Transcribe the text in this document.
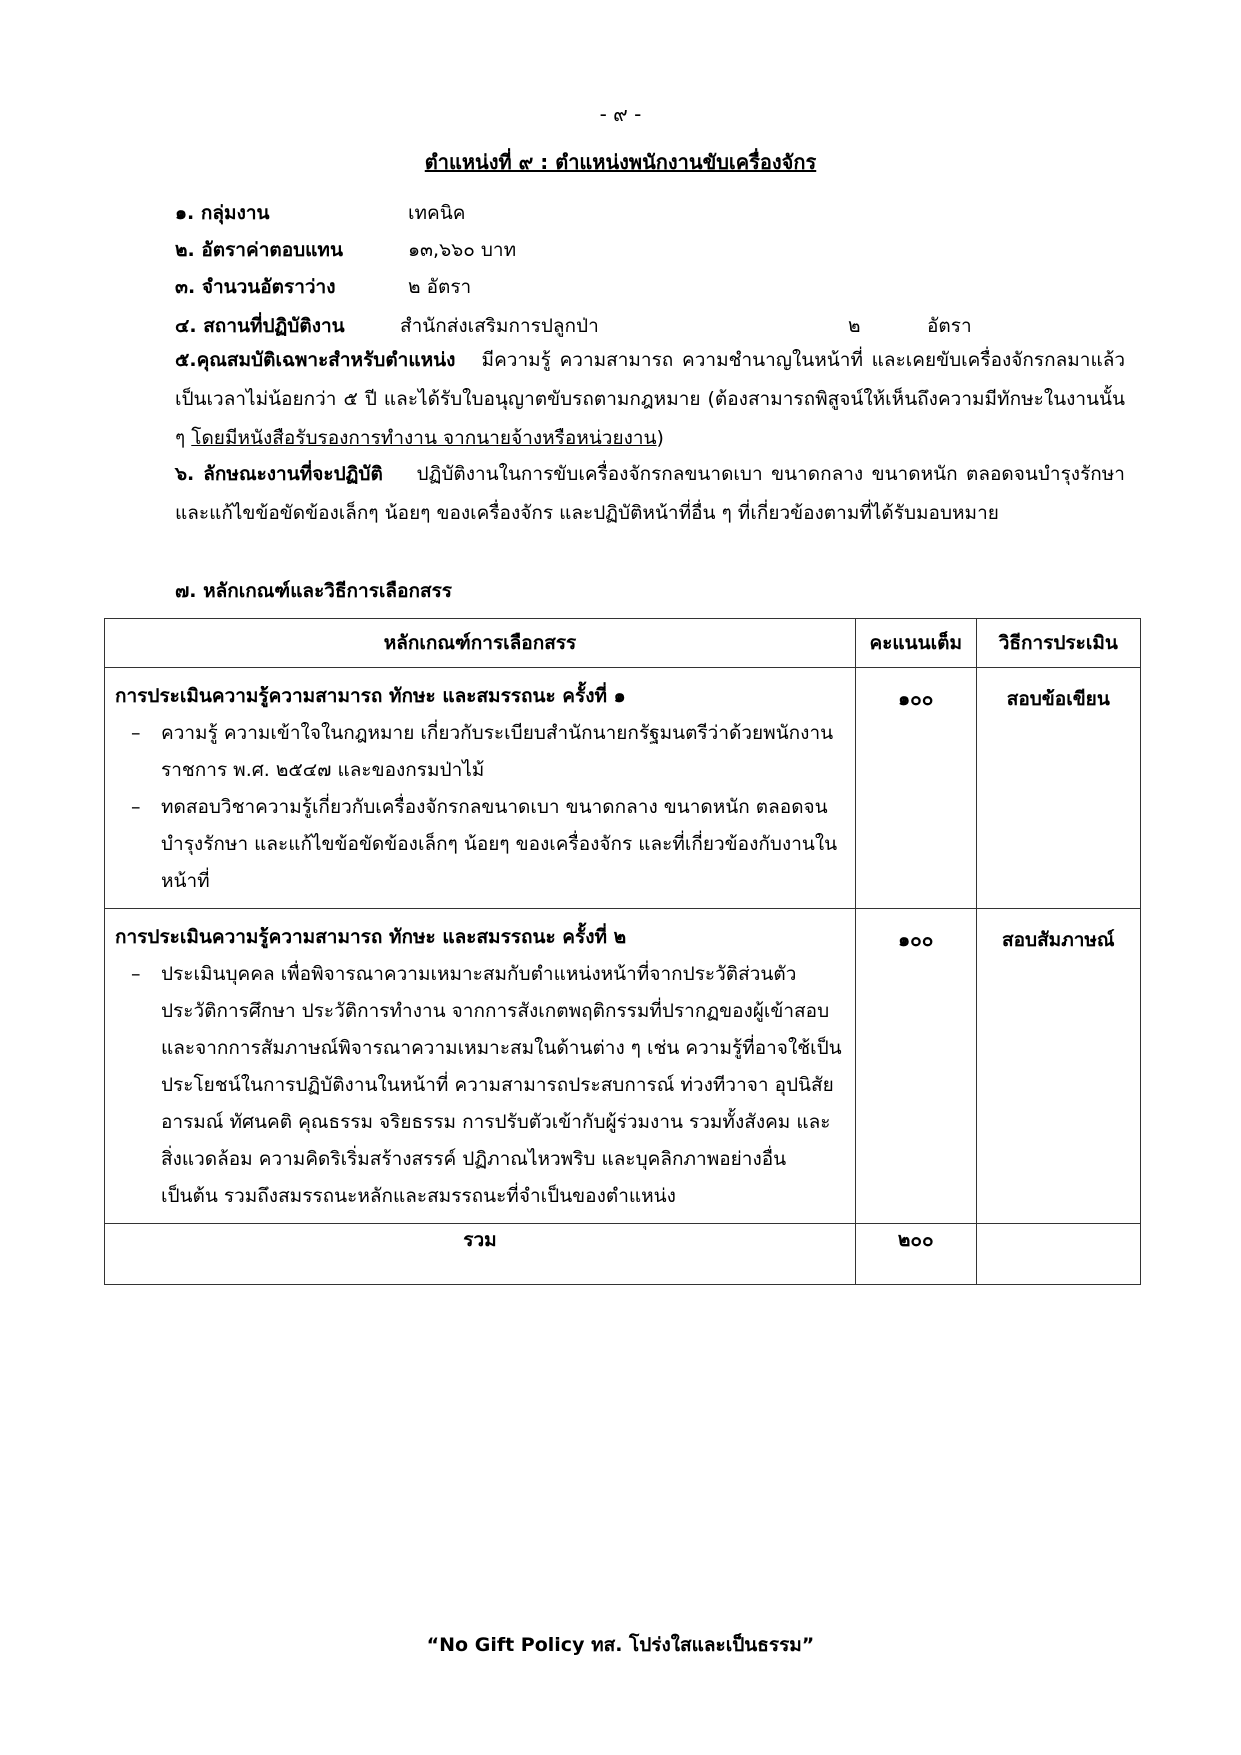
- ๙ -
ตำแหน่งที่ ๙ : ตำแหน่งพนักงานขับเครื่องจักร
๑. กลุ่มงาน	เทคนิค
๒. อัตราค่าตอบแทน	๑๓,๖๖๐ บาท
๓. จำนวนอัตราว่าง	๒ อัตรา
๔. สถานที่ปฏิบัติงาน	สำนักส่งเสริมการปลูกป่า	๒	อัตรา
๕.คุณสมบัติเฉพาะสำหรับตำแหน่ง มีความรู้ ความสามารถ ความชำนาญในหน้าที่ และเคยขับเครื่องจักรกลมาแล้วเป็นเวลาไม่น้อยกว่า ๕ ปี และได้รับใบอนุญาตขับรถตามกฎหมาย (ต้องสามารถพิสูจน์ให้เห็นถึงความมีทักษะในงานนั้น ๆ โดยมีหนังสือรับรองการทำงาน จากนายจ้างหรือหน่วยงาน)
๖. ลักษณะงานที่จะปฏิบัติ ปฏิบัติงานในการขับเครื่องจักรกลขนาดเบา ขนาดกลาง ขนาดหนัก ตลอดจนบำรุงรักษา และแก้ไขข้อขัดข้องเล็กๆ น้อยๆ ของเครื่องจักร และปฏิบัติหน้าที่อื่น ๆ ที่เกี่ยวข้องตามที่ได้รับมอบหมาย
๗. หลักเกณฑ์และวิธีการเลือกสรร
หลักเกณฑ์การเลือกสรร	คะแนนเต็ม	วิธีการประเมิน

การประเมินความรู้ความสามารถ ทักษะ และสมรรถนะ ครั้งที่ ๑
– ความรู้ ความเข้าใจในกฎหมาย เกี่ยวกับระเบียบสำนักนายกรัฐมนตรีว่าด้วยพนักงานราชการ พ.ศ. ๒๕๔๗ และของกรมป่าไม้
– ทดสอบวิชาความรู้เกี่ยวกับเครื่องจักรกลขนาดเบา ขนาดกลาง ขนาดหนัก ตลอดจนบำรุงรักษา และแก้ไขข้อขัดข้องเล็กๆ น้อยๆ ของเครื่องจักร และที่เกี่ยวข้องกับงานในหน้าที่	๑๐๐	สอบข้อเขียน

การประเมินความรู้ความสามารถ ทักษะ และสมรรถนะ ครั้งที่ ๒
– ประเมินบุคคล เพื่อพิจารณาความเหมาะสมกับตำแหน่งหน้าที่จากประวัติส่วนตัวประวัติการศึกษา ประวัติการทำงาน จากการสังเกตพฤติกรรมที่ปรากฏของผู้เข้าสอบและจากการสัมภาษณ์พิจารณาความเหมาะสมในด้านต่าง ๆ เช่น ความรู้ที่อาจใช้เป็นประโยชน์ในการปฏิบัติงานในหน้าที่ ความสามารถประสบการณ์ ท่วงทีวาจา อุปนิสัย อารมณ์ ทัศนคติ คุณธรรม จริยธรรม การปรับตัวเข้ากับผู้ร่วมงาน รวมทั้งสังคม และสิ่งแวดล้อม ความคิดริเริ่มสร้างสรรค์ ปฏิภาณไหวพริบ และบุคลิกภาพอย่างอื่น เป็นต้น รวมถึงสมรรถนะหลักและสมรรถนะที่จำเป็นของตำแหน่ง	๑๐๐	สอบสัมภาษณ์
รวม	๒๐๐	
“No Gift Policy ทส. โปร่งใสและเป็นธรรม”
